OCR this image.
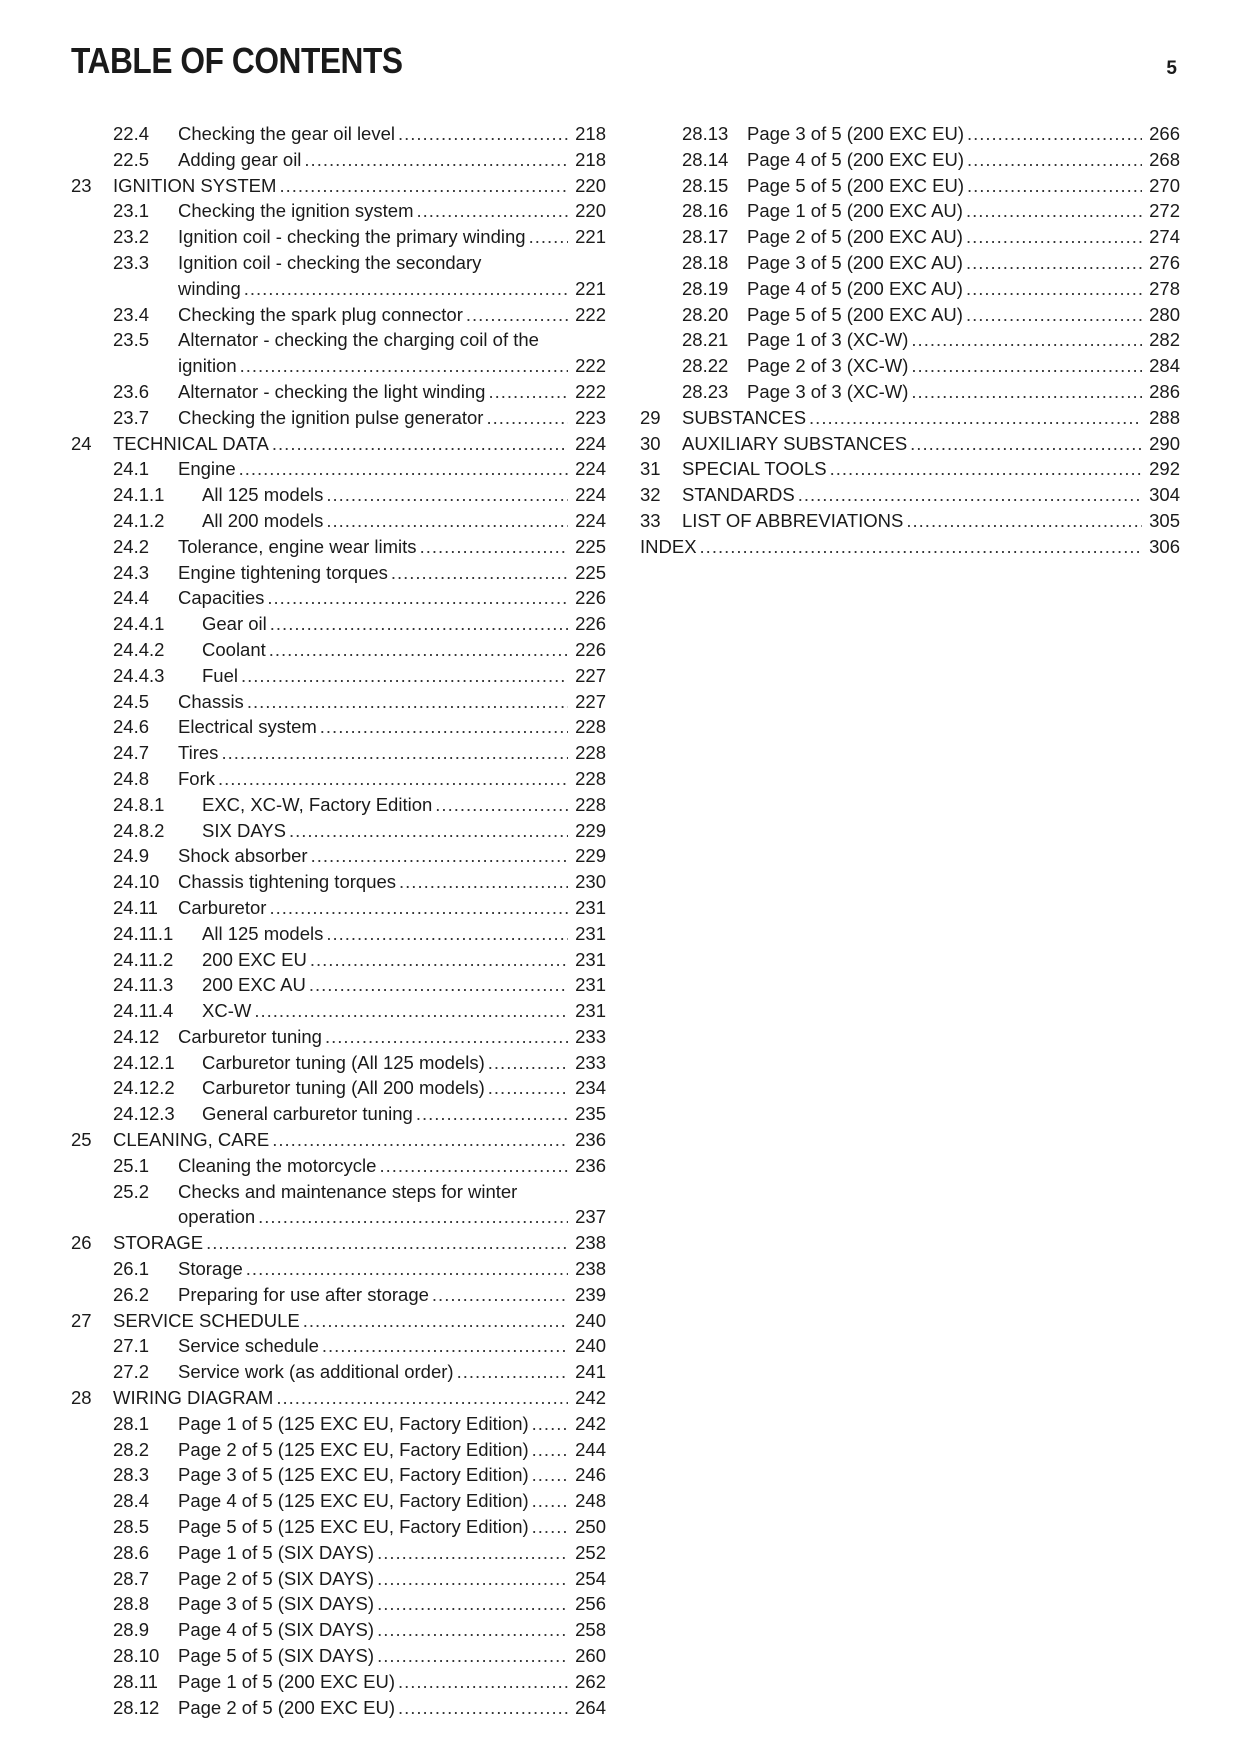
TABLE OF CONTENTS	5
22.4 Checking the gear oil level .....	218
22.5 Adding gear oil .....	218
23 IGNITION SYSTEM .....	220
23.1 Checking the ignition system .....	220
23.2 Ignition coil - checking the primary winding .....	221
23.3 Ignition coil - checking the secondary
winding .....	221
23.4 Checking the spark plug connector .....	222
23.5 Alternator - checking the charging coil of the
ignition .....	222
23.6 Alternator - checking the light winding .....	222
23.7 Checking the ignition pulse generator .....	223
24 TECHNICAL DATA .....	224
24.1 Engine .....	224
24.1.1 All 125 models .....	224
24.1.2 All 200 models .....	224
24.2 Tolerance, engine wear limits .....	225
24.3 Engine tightening torques .....	225
24.4 Capacities .....	226
24.4.1 Gear oil .....	226
24.4.2 Coolant .....	226
24.4.3 Fuel .....	227
24.5 Chassis .....	227
24.6 Electrical system .....	228
24.7 Tires .....	228
24.8 Fork .....	228
24.8.1 EXC, XC-W, Factory Edition .....	228
24.8.2 SIX DAYS .....	229
24.9 Shock absorber .....	229
24.10 Chassis tightening torques .....	230
24.11 Carburetor .....	231
24.11.1 All 125 models .....	231
24.11.2 200 EXC EU .....	231
24.11.3 200 EXC AU .....	231
24.11.4 XC-W .....	231
24.12 Carburetor tuning .....	233
24.12.1 Carburetor tuning (All 125 models) .....	233
24.12.2 Carburetor tuning (All 200 models) .....	234
24.12.3 General carburetor tuning .....	235
25 CLEANING, CARE .....	236
25.1 Cleaning the motorcycle .....	236
25.2 Checks and maintenance steps for winter
operation .....	237
26 STORAGE .....	238
26.1 Storage .....	238
26.2 Preparing for use after storage .....	239
27 SERVICE SCHEDULE .....	240
27.1 Service schedule .....	240
27.2 Service work (as additional order) .....	241
28 WIRING DIAGRAM .....	242
28.1 Page 1 of 5 (125 EXC EU, Factory Edition) .....	242
28.2 Page 2 of 5 (125 EXC EU, Factory Edition) .....	244
28.3 Page 3 of 5 (125 EXC EU, Factory Edition) .....	246
28.4 Page 4 of 5 (125 EXC EU, Factory Edition) .....	248
28.5 Page 5 of 5 (125 EXC EU, Factory Edition) .....	250
28.6 Page 1 of 5 (SIX DAYS) .....	252
28.7 Page 2 of 5 (SIX DAYS) .....	254
28.8 Page 3 of 5 (SIX DAYS) .....	256
28.9 Page 4 of 5 (SIX DAYS) .....	258
28.10 Page 5 of 5 (SIX DAYS) .....	260
28.11 Page 1 of 5 (200 EXC EU) .....	262
28.12 Page 2 of 5 (200 EXC EU) .....	264
28.13 Page 3 of 5 (200 EXC EU) .....	266
28.14 Page 4 of 5 (200 EXC EU) .....	268
28.15 Page 5 of 5 (200 EXC EU) .....	270
28.16 Page 1 of 5 (200 EXC AU) .....	272
28.17 Page 2 of 5 (200 EXC AU) .....	274
28.18 Page 3 of 5 (200 EXC AU) .....	276
28.19 Page 4 of 5 (200 EXC AU) .....	278
28.20 Page 5 of 5 (200 EXC AU) .....	280
28.21 Page 1 of 3 (XC-W) .....	282
28.22 Page 2 of 3 (XC-W) .....	284
28.23 Page 3 of 3 (XC-W) .....	286
29 SUBSTANCES .....	288
30 AUXILIARY SUBSTANCES .....	290
31 SPECIAL TOOLS .....	292
32 STANDARDS .....	304
33 LIST OF ABBREVIATIONS .....	305
INDEX .....	306
